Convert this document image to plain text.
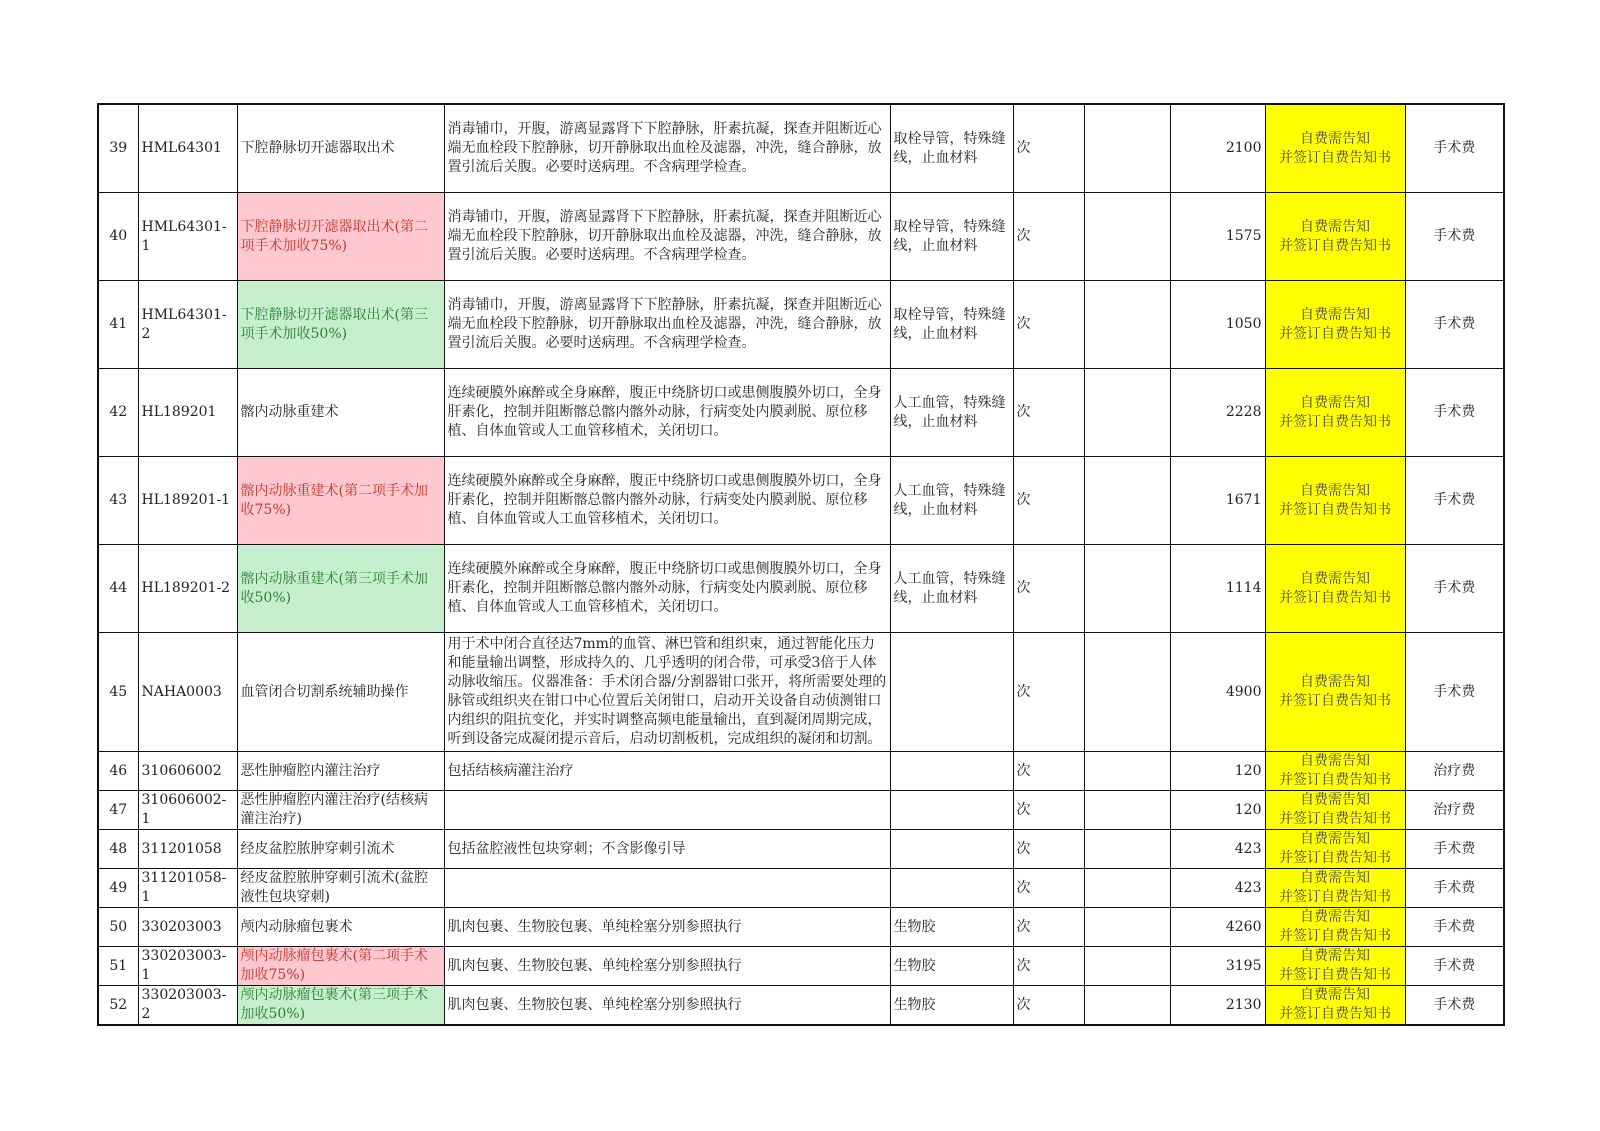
39	HML64301	下腔静脉切开滤器取出术	消毒铺巾，开腹，游离显露肾下下腔静脉，肝素抗凝，探查并阻断近心端无血栓段下腔静脉，切开静脉取出血栓及滤器，冲洗，缝合静脉，放置引流后关腹。必要时送病理。不含病理学检查。	取栓导管，特殊缝线，止血材料	次		2100	自费需告知
并签订自费告知书	手术费
40	HML64301-1	下腔静脉切开滤器取出术(第二项手术加收75%)	消毒铺巾，开腹，游离显露肾下下腔静脉，肝素抗凝，探查并阻断近心端无血栓段下腔静脉，切开静脉取出血栓及滤器，冲洗，缝合静脉，放置引流后关腹。必要时送病理。不含病理学检查。	取栓导管，特殊缝线，止血材料	次		1575	自费需告知
并签订自费告知书	手术费
41	HML64301-2	下腔静脉切开滤器取出术(第三项手术加收50%)	消毒铺巾，开腹，游离显露肾下下腔静脉，肝素抗凝，探查并阻断近心端无血栓段下腔静脉，切开静脉取出血栓及滤器，冲洗，缝合静脉，放置引流后关腹。必要时送病理。不含病理学检查。	取栓导管，特殊缝线，止血材料	次		1050	自费需告知
并签订自费告知书	手术费
42	HL189201	髂内动脉重建术	连续硬膜外麻醉或全身麻醉，腹正中绕脐切口或患侧腹膜外切口，全身肝素化，控制并阻断髂总髂内髂外动脉，行病变处内膜剥脱、原位移植、自体血管或人工血管移植术，关闭切口。	人工血管，特殊缝线，止血材料	次		2228	自费需告知
并签订自费告知书	手术费
43	HL189201-1	髂内动脉重建术(第二项手术加收75%)	连续硬膜外麻醉或全身麻醉，腹正中绕脐切口或患侧腹膜外切口，全身肝素化，控制并阻断髂总髂内髂外动脉，行病变处内膜剥脱、原位移植、自体血管或人工血管移植术，关闭切口。	人工血管，特殊缝线，止血材料	次		1671	自费需告知
并签订自费告知书	手术费
44	HL189201-2	髂内动脉重建术(第三项手术加收50%)	连续硬膜外麻醉或全身麻醉，腹正中绕脐切口或患侧腹膜外切口，全身肝素化，控制并阻断髂总髂内髂外动脉，行病变处内膜剥脱、原位移植、自体血管或人工血管移植术，关闭切口。	人工血管，特殊缝线，止血材料	次		1114	自费需告知
并签订自费告知书	手术费
45	NAHA0003	血管闭合切割系统辅助操作	用于术中闭合直径达7mm的血管、淋巴管和组织束，通过智能化压力和能量输出调整，形成持久的、几乎透明的闭合带，可承受3倍于人体动脉收缩压。仪器准备：手术闭合器/分割器钳口张开，将所需要处理的脉管或组织夹在钳口中心位置后关闭钳口，启动开关设备自动侦测钳口内组织的阻抗变化，并实时调整高频电能量输出，直到凝闭周期完成，听到设备完成凝闭提示音后，启动切割板机，完成组织的凝闭和切割。		次		4900	自费需告知
并签订自费告知书	手术费
46	310606002	恶性肿瘤腔内灌注治疗	包括结核病灌注治疗		次		120	自费需告知
并签订自费告知书	治疗费
47	310606002-1	恶性肿瘤腔内灌注治疗(结核病灌注治疗)			次		120	自费需告知
并签订自费告知书	治疗费
48	311201058	经皮盆腔脓肿穿刺引流术	包括盆腔液性包块穿刺；不含影像引导		次		423	自费需告知
并签订自费告知书	手术费
49	311201058-1	经皮盆腔脓肿穿刺引流术(盆腔液性包块穿刺)			次		423	自费需告知
并签订自费告知书	手术费
50	330203003	颅内动脉瘤包裹术	肌肉包裹、生物胶包裹、单纯栓塞分别参照执行	生物胶	次		4260	自费需告知
并签订自费告知书	手术费
51	330203003-1	颅内动脉瘤包裹术(第二项手术加收75%)	肌肉包裹、生物胶包裹、单纯栓塞分别参照执行	生物胶	次		3195	自费需告知
并签订自费告知书	手术费
52	330203003-2	颅内动脉瘤包裹术(第三项手术加收50%)	肌肉包裹、生物胶包裹、单纯栓塞分别参照执行	生物胶	次		2130	自费需告知
并签订自费告知书	手术费
